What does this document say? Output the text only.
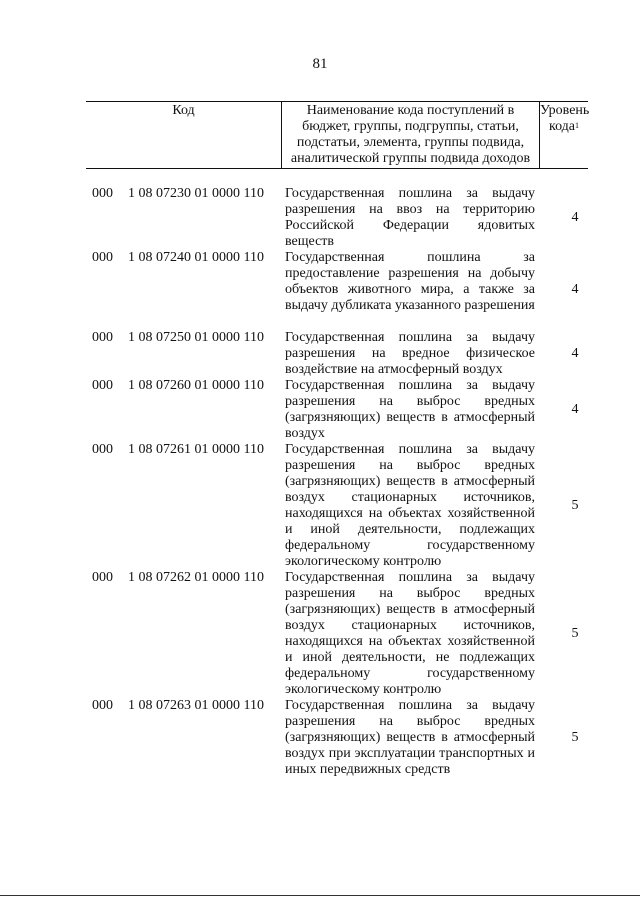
81
Код	Наименование кода поступлений в
бюджет, группы, подгруппы, статьи,
подстатьи, элемента, группы подвида,
аналитической группы подвида доходов
Уровень
кода$^1$
000 1 08 07230 01 0000 110 Государственная пошлина за выдачу разрешения на ввоз на территорию Российской Федерации ядовитых веществ
4
000 1 08 07240 01 0000 110 Государственная пошлина за предоставление разрешения на добычу объектов животного мира, а также за выдачу дубликата указанного разрешения
4
000 1 08 07250 01 0000 110 Государственная пошлина за выдачу разрешения на вредное физическое воздействие на атмосферный воздух
4
000 1 08 07260 01 0000 110 Государственная пошлина за выдачу разрешения на выброс вредных (загрязняющих) веществ в атмосферный воздух
4
000 1 08 07261 01 0000 110 Государственная пошлина за выдачу разрешения на выброс вредных (загрязняющих) веществ в атмосферный воздух стационарных источников, находящихся на объектах хозяйственной и иной деятельности, подлежащих федеральному государственному экологическому контролю
5
000 1 08 07262 01 0000 110 Государственная пошлина за выдачу разрешения на выброс вредных (загрязняющих) веществ в атмосферный воздух стационарных источников, находящихся на объектах хозяйственной и иной деятельности, не подлежащих федеральному государственному экологическому контролю
5
000 1 08 07263 01 0000 110 Государственная пошлина за выдачу разрешения на выброс вредных (загрязняющих) веществ в атмосферный воздух при эксплуатации транспортных и иных передвижных средств
5
